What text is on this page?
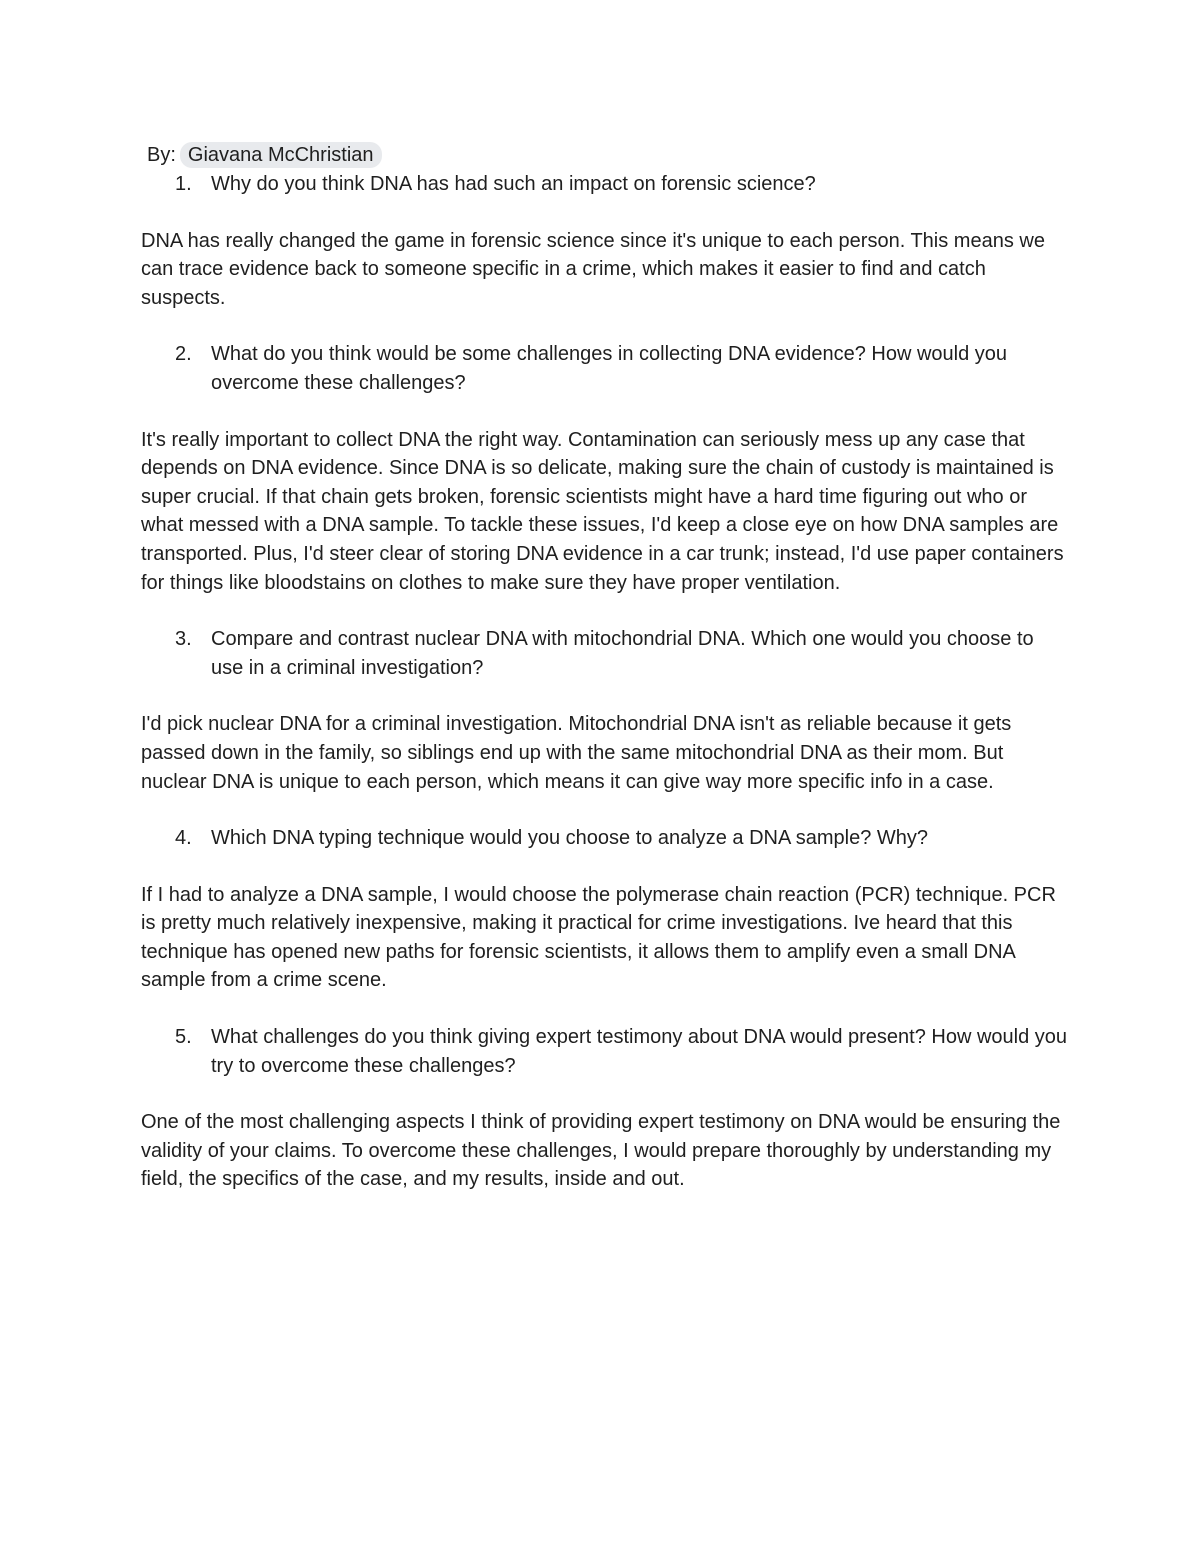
By: Giavana McChristian

1. Why do you think DNA has had such an impact on forensic science?

DNA has really changed the game in forensic science since it's unique to each person. This means we can trace evidence back to someone specific in a crime, which makes it easier to find and catch suspects.

2. What do you think would be some challenges in collecting DNA evidence? How would you overcome these challenges?

It's really important to collect DNA the right way. Contamination can seriously mess up any case that depends on DNA evidence. Since DNA is so delicate, making sure the chain of custody is maintained is super crucial. If that chain gets broken, forensic scientists might have a hard time figuring out who or what messed with a DNA sample. To tackle these issues, I'd keep a close eye on how DNA samples are transported. Plus, I'd steer clear of storing DNA evidence in a car trunk; instead, I'd use paper containers for things like bloodstains on clothes to make sure they have proper ventilation.

3. Compare and contrast nuclear DNA with mitochondrial DNA. Which one would you choose to use in a criminal investigation?

I'd pick nuclear DNA for a criminal investigation. Mitochondrial DNA isn't as reliable because it gets passed down in the family, so siblings end up with the same mitochondrial DNA as their mom. But nuclear DNA is unique to each person, which means it can give way more specific info in a case.

4. Which DNA typing technique would you choose to analyze a DNA sample? Why?

If I had to analyze a DNA sample, I would choose the polymerase chain reaction (PCR) technique. PCR is pretty much relatively inexpensive, making it practical for crime investigations. Ive heard that this technique has opened new paths for forensic scientists, it allows them to amplify even a small DNA sample from a crime scene.

5. What challenges do you think giving expert testimony about DNA would present? How would you try to overcome these challenges?

One of the most challenging aspects I think of providing expert testimony on DNA would be ensuring the validity of your claims. To overcome these challenges, I would prepare thoroughly by understanding my field, the specifics of the case, and my results, inside and out.
